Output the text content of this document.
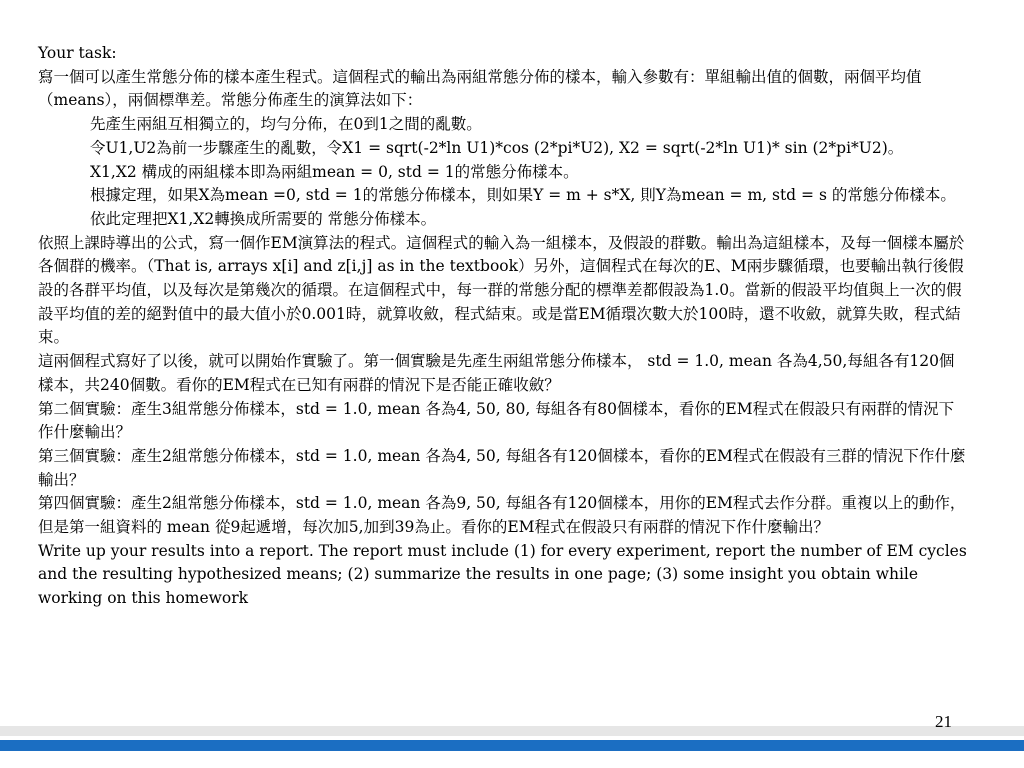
Your task:

寫一個可以產生常態分佈的樣本產生程式。這個程式的輸出為兩組常態分佈的樣本，輸入參數有：單組輸出值的個數，兩個平均值（means），兩個標準差。常態分佈產生的演算法如下：

先產生兩組互相獨立的，均勻分佈，在0到1之間的亂數。

令U1,U2為前一步驟產生的亂數，令X1 = sqrt(-2*ln U1)*cos (2*pi*U2), X2 = sqrt(-2*ln U1)* sin (2*pi*U2)。

X1,X2 構成的兩組樣本即為兩組mean = 0, std = 1的常態分佈樣本。

根據定理，如果X為mean =0, std = 1的常態分佈樣本，則如果Y = m + s*X, 則Y為mean = m, std = s 的常態分佈樣本。依此定理把X1,X2轉換成所需要的 常態分佈樣本。

依照上課時導出的公式，寫一個作EM演算法的程式。這個程式的輸入為一組樣本，及假設的群數。輸出為這組樣本，及每一個樣本屬於各個群的機率。（That is, arrays x[i] and z[i,j] as in the textbook）另外，這個程式在每次的E、M兩步驟循環，也要輸出執行後假設的各群平均值，以及每次是第幾次的循環。在這個程式中，每一群的常態分配的標準差都假設為1.0。當新的假設平均值與上一次的假設平均值的差的絕對值中的最大值小於0.001時，就算收斂，程式結束。或是當EM循環次數大於100時，還不收斂，就算失敗，程式結束。

這兩個程式寫好了以後，就可以開始作實驗了。第一個實驗是先產生兩組常態分佈樣本， std = 1.0, mean 各為4,50,每組各有120個樣本，共240個數。看你的EM程式在已知有兩群的情況下是否能正確收斂？

第二個實驗：產生3組常態分佈樣本，std = 1.0, mean 各為4, 50, 80, 每組各有80個樣本，看你的EM程式在假設只有兩群的情況下作什麼輸出？

第三個實驗：產生2組常態分佈樣本，std = 1.0, mean 各為4, 50, 每組各有120個樣本，看你的EM程式在假設有三群的情況下作什麼輸出？

第四個實驗：產生2組常態分佈樣本，std = 1.0, mean 各為9, 50, 每組各有120個樣本，用你的EM程式去作分群。重複以上的動作，但是第一組資料的 mean 從9起遞增，每次加5,加到39為止。看你的EM程式在假設只有兩群的情況下作什麼輸出？

Write up your results into a report. The report must include (1) for every experiment, report the number of EM cycles and the resulting hypothesized means; (2) summarize the results in one page; (3) some insight you obtain while working on this homework

21
